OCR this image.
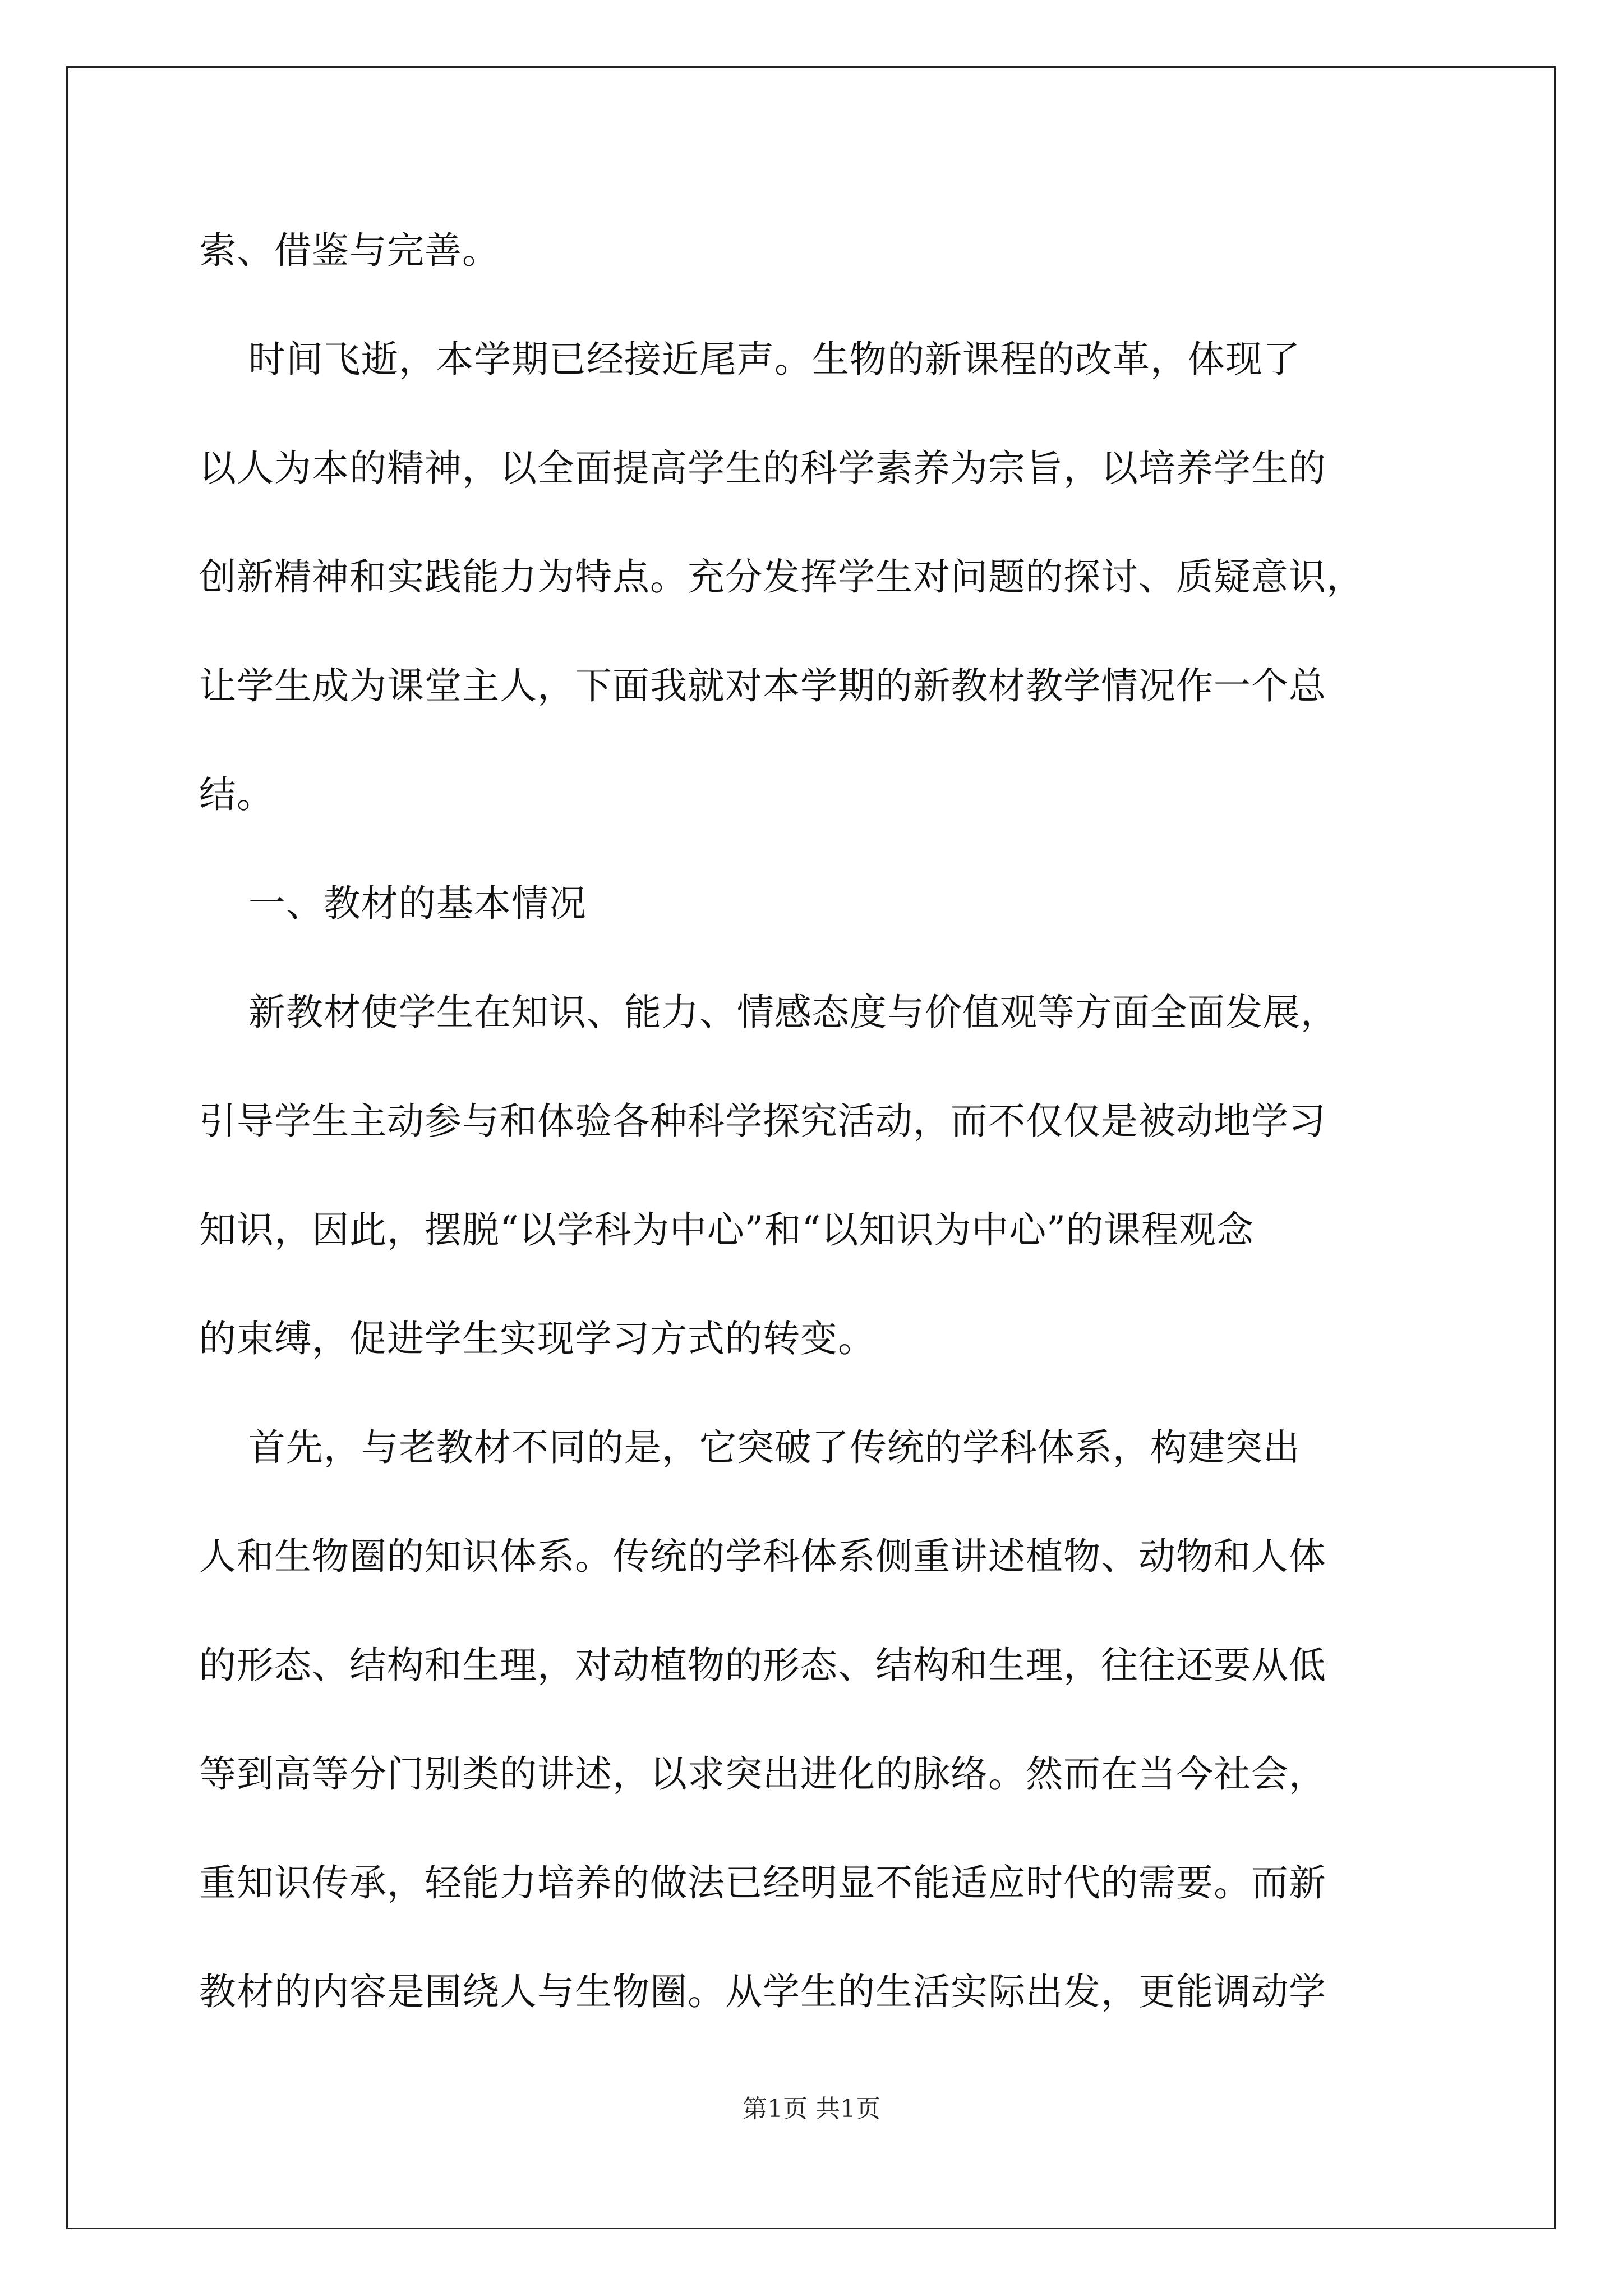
索、借鉴与完善。

时间飞逝，本学期已经接近尾声。生物的新课程的改革，体现了

以人为本的精神，以全面提高学生的科学素养为宗旨，以培养学生的

创新精神和实践能力为特点。充分发挥学生对问题的探讨、质疑意识，

让学生成为课堂主人，下面我就对本学期的新教材教学情况作一个总

结。

一、教材的基本情况

新教材使学生在知识、能力、情感态度与价值观等方面全面发展，

引导学生主动参与和体验各种科学探究活动，而不仅仅是被动地学习

知识，因此，摆脱“以学科为中心”和“以知识为中心”的课程观念

的束缚，促进学生实现学习方式的转变。

首先，与老教材不同的是，它突破了传统的学科体系，构建突出

人和生物圈的知识体系。传统的学科体系侧重讲述植物、动物和人体

的形态、结构和生理，对动植物的形态、结构和生理，往往还要从低

等到高等分门别类的讲述，以求突出进化的脉络。然而在当今社会，

重知识传承，轻能力培养的做法已经明显不能适应时代的需要。而新

教材的内容是围绕人与生物圈。从学生的生活实际出发，更能调动学

第1页 共1页
